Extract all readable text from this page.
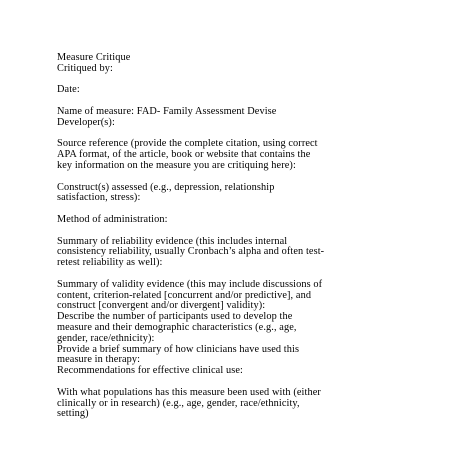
Measure Critique
Critiqued by:
Date:
Name of measure: FAD- Family Assessment Devise
Developer(s):
Source reference (provide the complete citation, using correct
APA format, of the article, book or website that contains the
key information on the measure you are critiquing here):
Construct(s) assessed (e.g., depression, relationship
satisfaction, stress):
Method of administration:
Summary of reliability evidence (this includes internal
consistency reliability, usually Cronbach’s alpha and often test-
retest reliability as well):
Summary of validity evidence (this may include discussions of
content, criterion-related [concurrent and/or predictive], and
construct [convergent and/or divergent] validity):
Describe the number of participants used to develop the
measure and their demographic characteristics (e.g., age,
gender, race/ethnicity):
Provide a brief summary of how clinicians have used this
measure in therapy:
Recommendations for effective clinical use:
With what populations has this measure been used with (either
clinically or in research) (e.g., age, gender, race/ethnicity,
setting)
